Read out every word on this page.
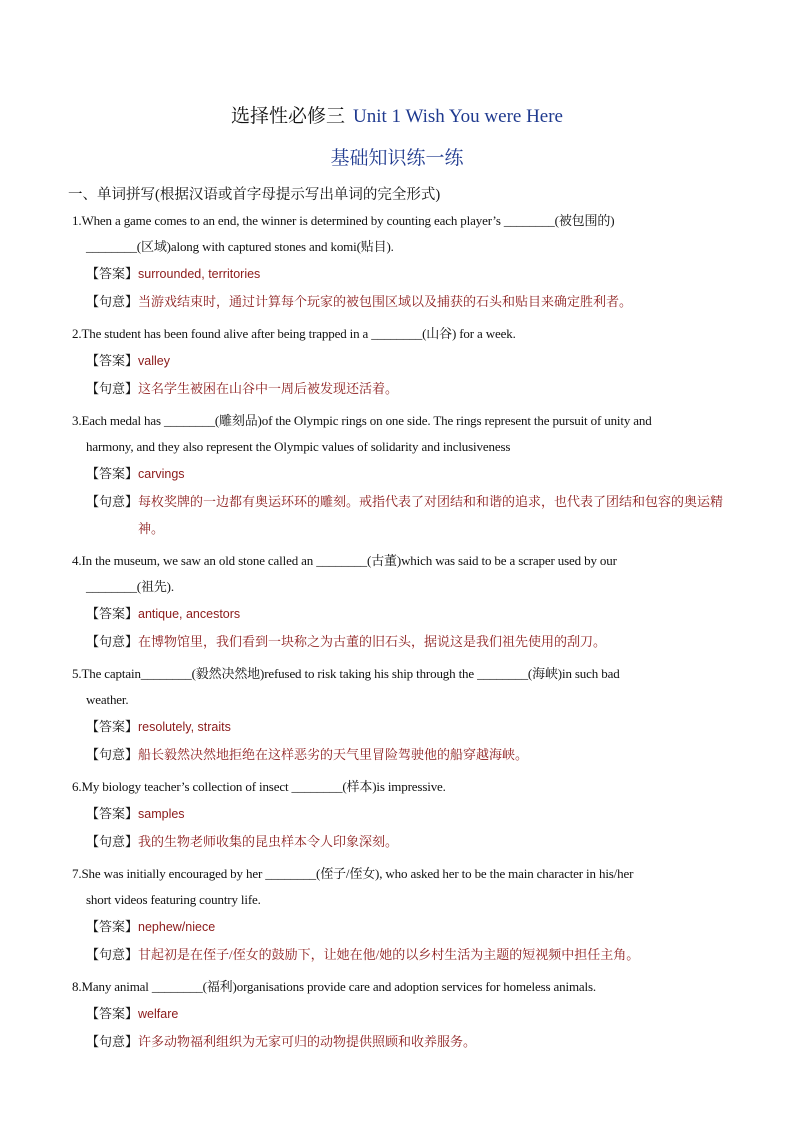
选择性必修三 Unit 1 Wish You were Here
基础知识练一练
一、单词拼写(根据汉语或首字母提示写出单词的完全形式)
1.When a game comes to an end, the winner is determined by counting each player’s ________(被包围的)
________(区域)along with captured stones and komi(贴目).
【答案】surrounded, territories
【句意】 当游戏结束时，通过计算每个玩家的被包围区域以及捕获的石头和贴目来确定胜利者。
2.The student has been found alive after being trapped in a ________(山谷) for a week.
【答案】valley
【句意】 这名学生被困在山谷中一周后被发现还活着。
3.Each medal has ________(雕刻品)of the Olympic rings on one side. The rings represent the pursuit of unity and
harmony, and they also represent the Olympic values of solidarity and inclusiveness
【答案】carvings
【句意】 每枚奖牌的一边都有奥运环环的雕刻。戒指代表了对团结和和谐的追求，也代表了团结和包容的奥运精神。
4.In the museum, we saw an old stone called an ________(古董)which was said to be a scraper used by our
________(祖先).
【答案】antique, ancestors
【句意】 在博物馆里，我们看到一块称之为古董的旧石头，据说这是我们祖先使用的刮刀。
5.The captain________(毅然决然地)refused to risk taking his ship through the ________(海峡)in such bad
weather.
【答案】resolutely, straits
【句意】 船长毅然决然地拒绝在这样恶劣的天气里冒险驾驶他的船穿越海峡。
6.My biology teacher’s collection of insect ________(样本)is impressive.
【答案】samples
【句意】 我的生物老师收集的昆虫样本令人印象深刻。
7.She was initially encouraged by her ________(侄子/侄女), who asked her to be the main character in his/her
short videos featuring country life.
【答案】nephew/niece
【句意】 甘起初是在侄子/侄女的鼓励下，让她在他/她的以乡村生活为主题的短视频中担任主角。
8.Many animal ________(福利)organisations provide care and adoption services for homeless animals.
【答案】welfare
【句意】 许多动物福利组织为无家可归的动物提供照顾和收养服务。
